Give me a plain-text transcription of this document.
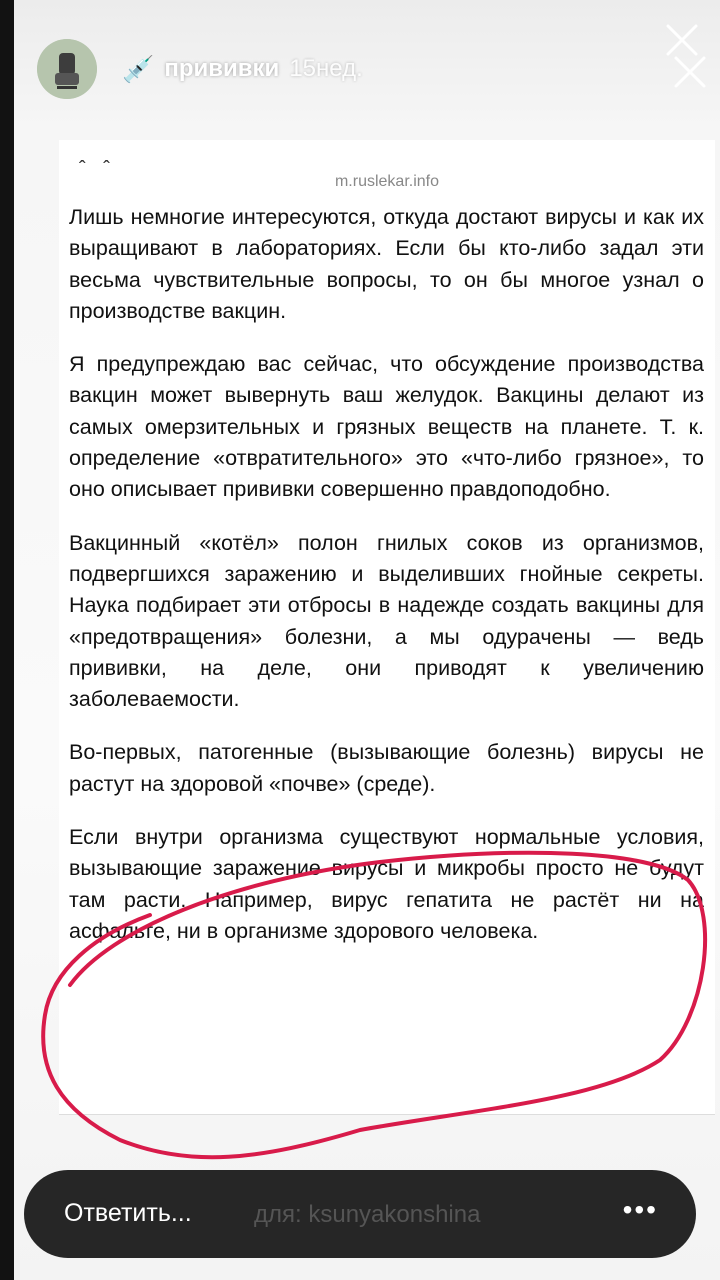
ˆ ˆ
m.ruslekar.info

Лишь немногие интересуются, откуда достают вирусы и как их выращивают в лабораториях. Если бы кто-либо задал эти весьма чувствительные вопросы, то он бы многое узнал о производстве вакцин.

Я предупреждаю вас сейчас, что обсуждение производства вакцин может вывернуть ваш желудок. Вакцины делают из самых омерзительных и грязных веществ на планете. Т. к. определение «отвратительного» это «что-либо грязное», то оно описывает прививки совершенно правдоподобно.

Вакцинный «котёл» полон гнилых соков из организмов, подвергшихся заражению и выделивших гнойные секреты. Наука подбирает эти отбросы в надежде создать вакцины для «предотвращения» болезни, а мы одурачены — ведь прививки, на деле, они приводят к увеличению заболеваемости.

Во-первых, патогенные (вызывающие болезнь) вирусы не растут на здоровой «почве» (среде).

Если внутри организма существуют нормальные условия, вызывающие заражение вирусы и микробы просто не будут там расти. Например, вирус гепатита не растёт ни на асфальте, ни в организме здорового человека.

💉 прививки 15нед.
Ответить...	для: ksunyakonshina	•••
